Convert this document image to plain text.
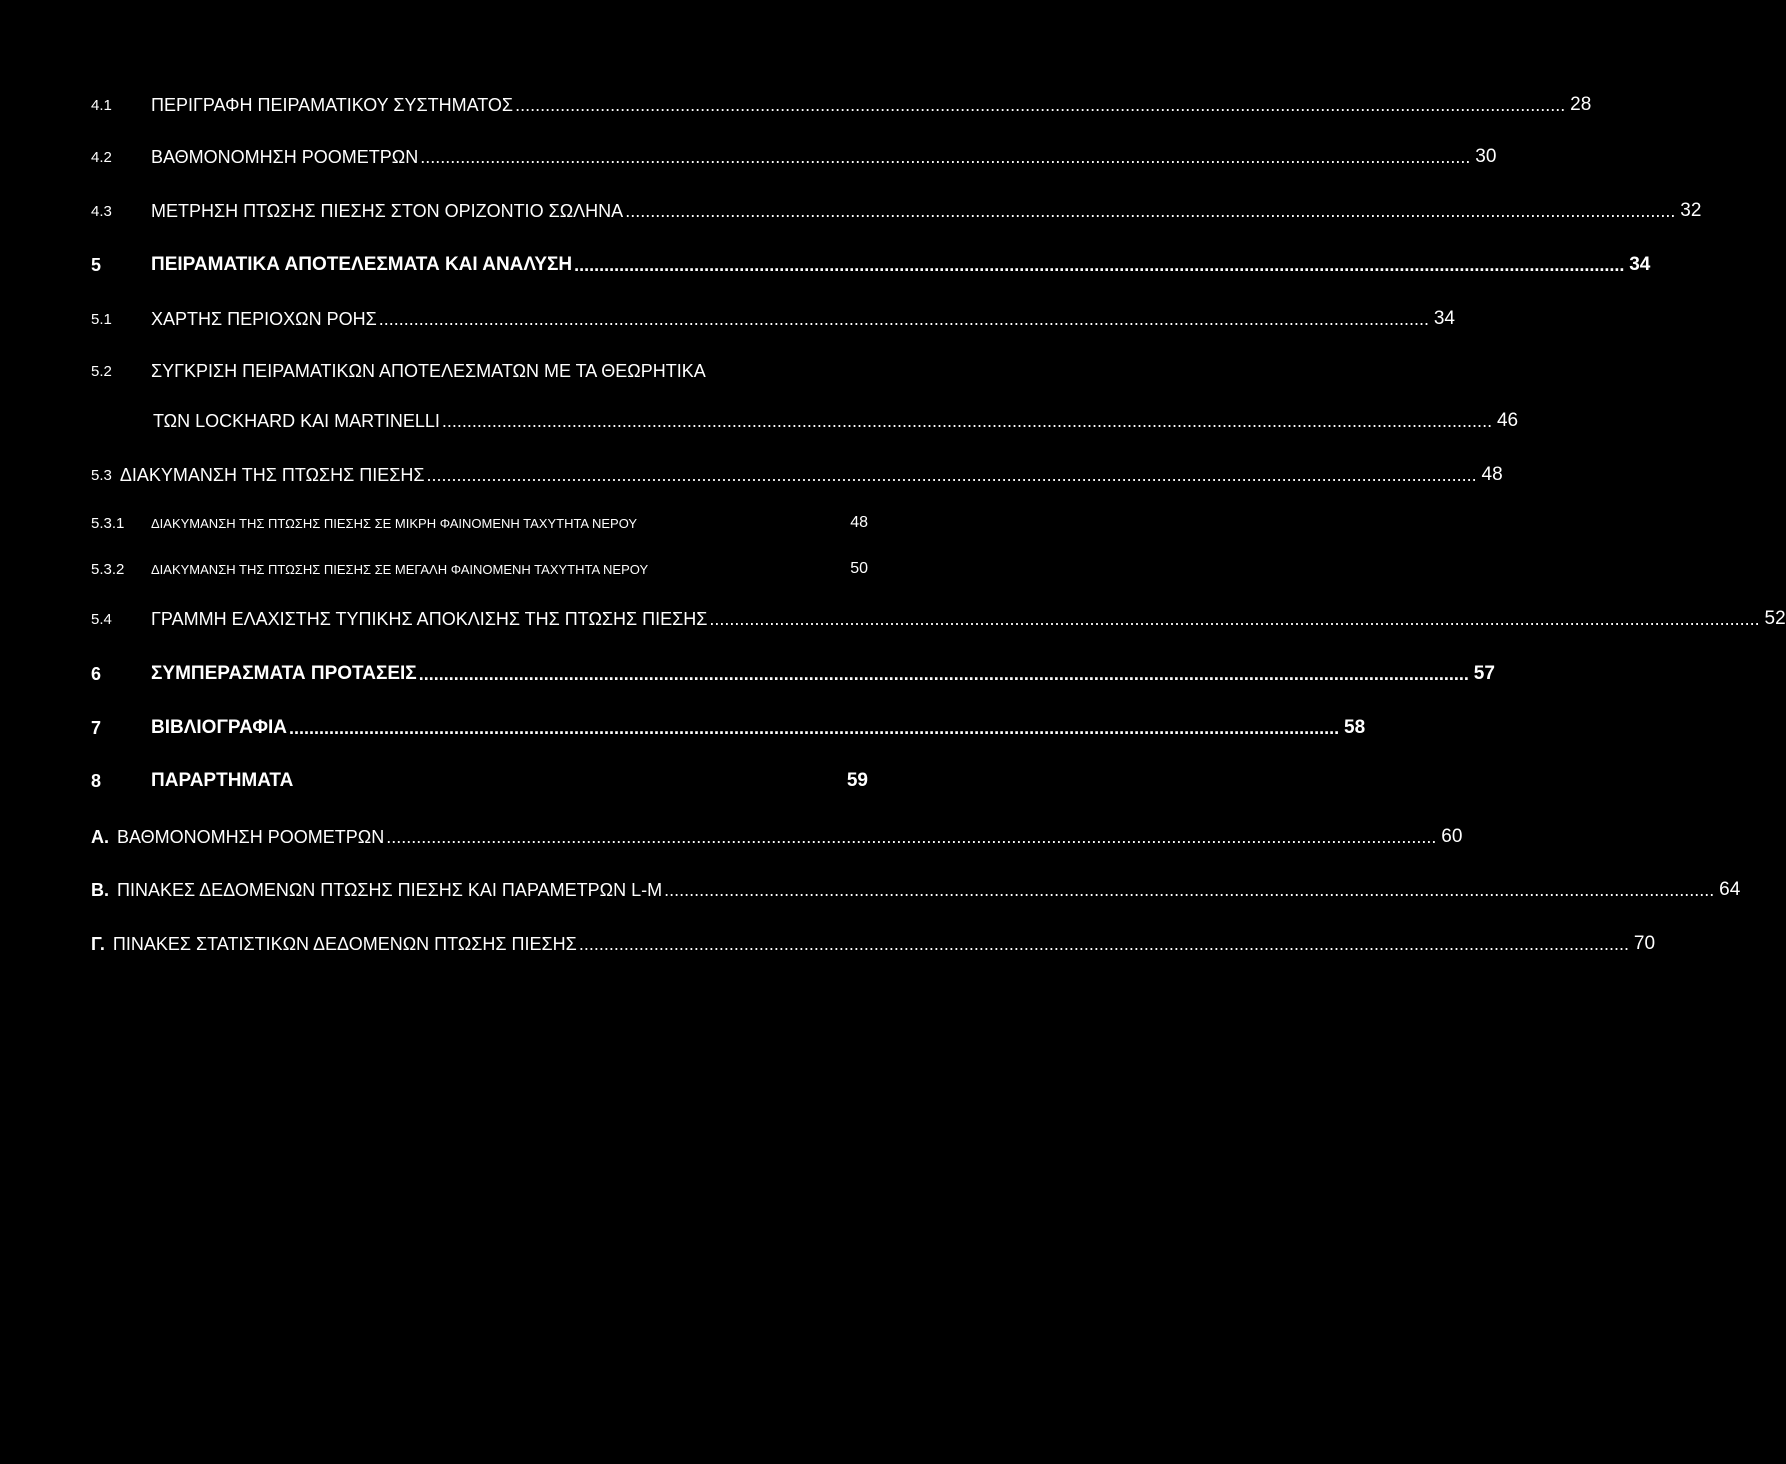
4.1	ΠΕΡΙΓΡΑΦΗ ΠΕΙΡΑΜΑΤΙΚΟΥ ΣΥΣΤΗΜΑΤΟΣ .................................................................................................................................................................................................................. 28
4.2	ΒΑΘΜΟΝΟΜΗΣΗ ΡΟΟΜΕΤΡΩΝ .................................................................................................................................................................................................................. 30
4.3	ΜΕΤΡΗΣΗ ΠΤΩΣΗΣ ΠΙΕΣΗΣ ΣΤΟΝ ΟΡΙΖΟΝΤΙΟ ΣΩΛΗΝΑ .................................................................................................................................................................................................................. 32
5	ΠΕΙΡΑΜΑΤΙΚΑ ΑΠΟΤΕΛΕΣΜΑΤΑ ΚΑΙ ΑΝΑΛΥΣΗ .................................................................................................................................................................................................................. 34
5.1	ΧΑΡΤΗΣ ΠΕΡΙΟΧΩΝ ΡΟΗΣ .................................................................................................................................................................................................................. 34
5.2	ΣΥΓΚΡΙΣΗ ΠΕΙΡΑΜΑΤΙΚΩΝ ΑΠΟΤΕΛΕΣΜΑΤΩΝ ΜΕ ΤΑ ΘΕΩΡΗΤΙΚΑ
ΤΩΝ LOCKHARD ΚΑΙ MARTINELLI .................................................................................................................................................................................................................. 46
5.3 ΔΙΑΚΥΜΑΝΣΗ ΤΗΣ ΠΤΩΣΗΣ ΠΙΕΣΗΣ .................................................................................................................................................................................................................. 48
5.3.1	ΔΙΑΚΥΜΑΝΣΗ ΤΗΣ ΠΤΩΣΗΣ ΠΙΕΣΗΣ ΣΕ ΜΙΚΡΗ ΦΑΙΝΟΜΕΝΗ ΤΑΧΥΤΗΤΑ ΝΕΡΟΥ	48
5.3.2	ΔΙΑΚΥΜΑΝΣΗ ΤΗΣ ΠΤΩΣΗΣ ΠΙΕΣΗΣ ΣΕ ΜΕΓΑΛΗ ΦΑΙΝΟΜΕΝΗ ΤΑΧΥΤΗΤΑ ΝΕΡΟΥ	50
5.4	ΓΡΑΜΜΗ ΕΛΑΧΙΣΤΗΣ ΤΥΠΙΚΗΣ ΑΠΟΚΛΙΣΗΣ ΤΗΣ ΠΤΩΣΗΣ ΠΙΕΣΗΣ .................................................................................................................................................................................................................. 52
6	ΣΥΜΠΕΡΑΣΜΑΤΑ ΠΡΟΤΑΣΕΙΣ .................................................................................................................................................................................................................. 57
7	ΒΙΒΛΙΟΓΡΑΦΙΑ .................................................................................................................................................................................................................. 58
8	ΠΑΡΑΡΤΗΜΑΤΑ	59
Α. ΒΑΘΜΟΝΟΜΗΣΗ ΡΟΟΜΕΤΡΩΝ .................................................................................................................................................................................................................. 60
Β. ΠΙΝΑΚΕΣ ΔΕΔΟΜΕΝΩΝ ΠΤΩΣΗΣ ΠΙΕΣΗΣ ΚΑΙ ΠΑΡΑΜΕΤΡΩΝ L-M .................................................................................................................................................................................................................. 64
Γ. ΠΙΝΑΚΕΣ ΣΤΑΤΙΣΤΙΚΩΝ ΔΕΔΟΜΕΝΩΝ ΠΤΩΣΗΣ ΠΙΕΣΗΣ .................................................................................................................................................................................................................. 70
